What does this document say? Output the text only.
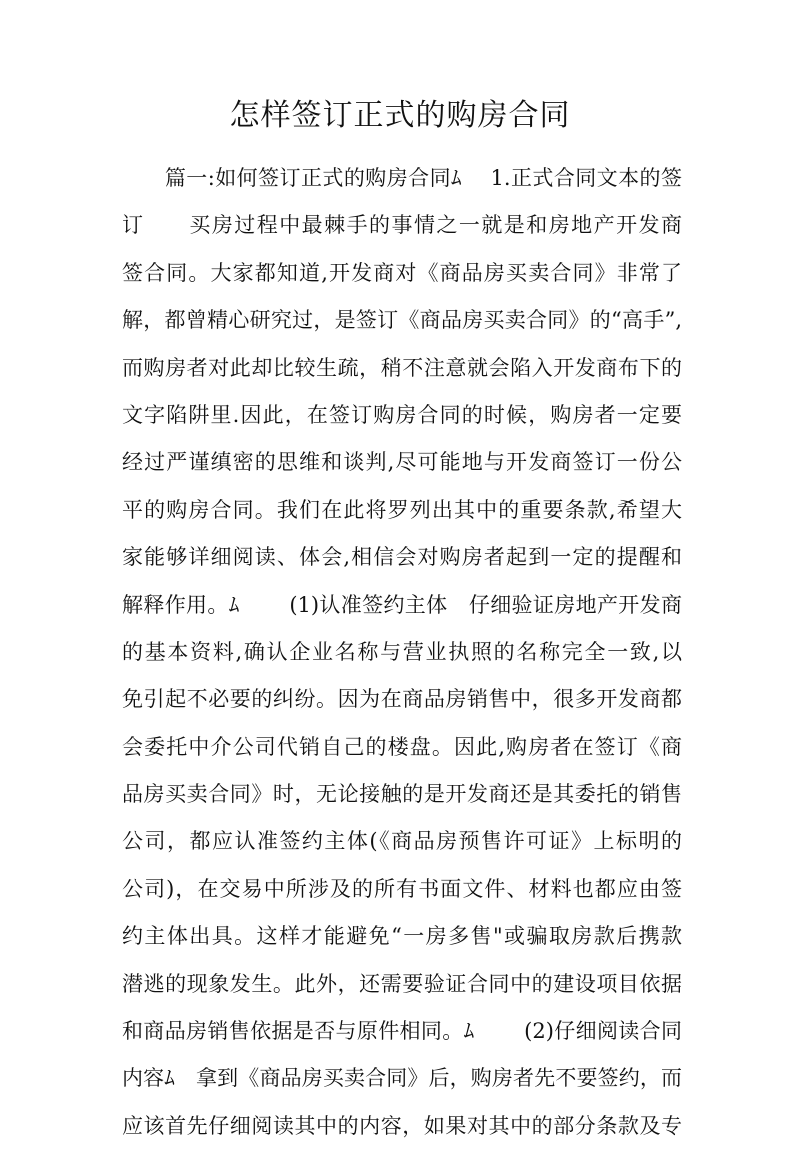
怎样签订正式的购房合同
　　篇一:如何签订正式的购房合同ﾑ　 1.正式合同文本的签
订　　买房过程中最棘手的事情之一就是和房地产开发商
签合同。大家都知道,开发商对《商品房买卖合同》非常了
解，都曾精心研究过，是签订《商品房买卖合同》的“高手”,
而购房者对此却比较生疏，稍不注意就会陷入开发商布下的
文字陷阱里.因此，在签订购房合同的时候，购房者一定要
经过严谨缜密的思维和谈判,尽可能地与开发商签订一份公
平的购房合同。我们在此将罗列出其中的重要条款,希望大
家能够详细阅读、体会,相信会对购房者起到一定的提醒和
解释作用。ﾑ　　 (1)认准签约主体　仔细验证房地产开发商
的基本资料,确认企业名称与营业执照的名称完全一致,以
免引起不必要的纠纷。因为在商品房销售中，很多开发商都
会委托中介公司代销自己的楼盘。因此,购房者在签订《商
品房买卖合同》时，无论接触的是开发商还是其委托的销售
公司，都应认准签约主体(《商品房预售许可证》上标明的
公司)，在交易中所涉及的所有书面文件、材料也都应由签
约主体出具。这样才能避免“一房多售"或骗取房款后携款
潜逃的现象发生。此外，还需要验证合同中的建设项目依据
和商品房销售依据是否与原件相同。ﾑ　　 (2)仔细阅读合同
内容ﾑ　拿到《商品房买卖合同》后，购房者先不要签约，而
应该首先仔细阅读其中的内容，如果对其中的部分条款及专
